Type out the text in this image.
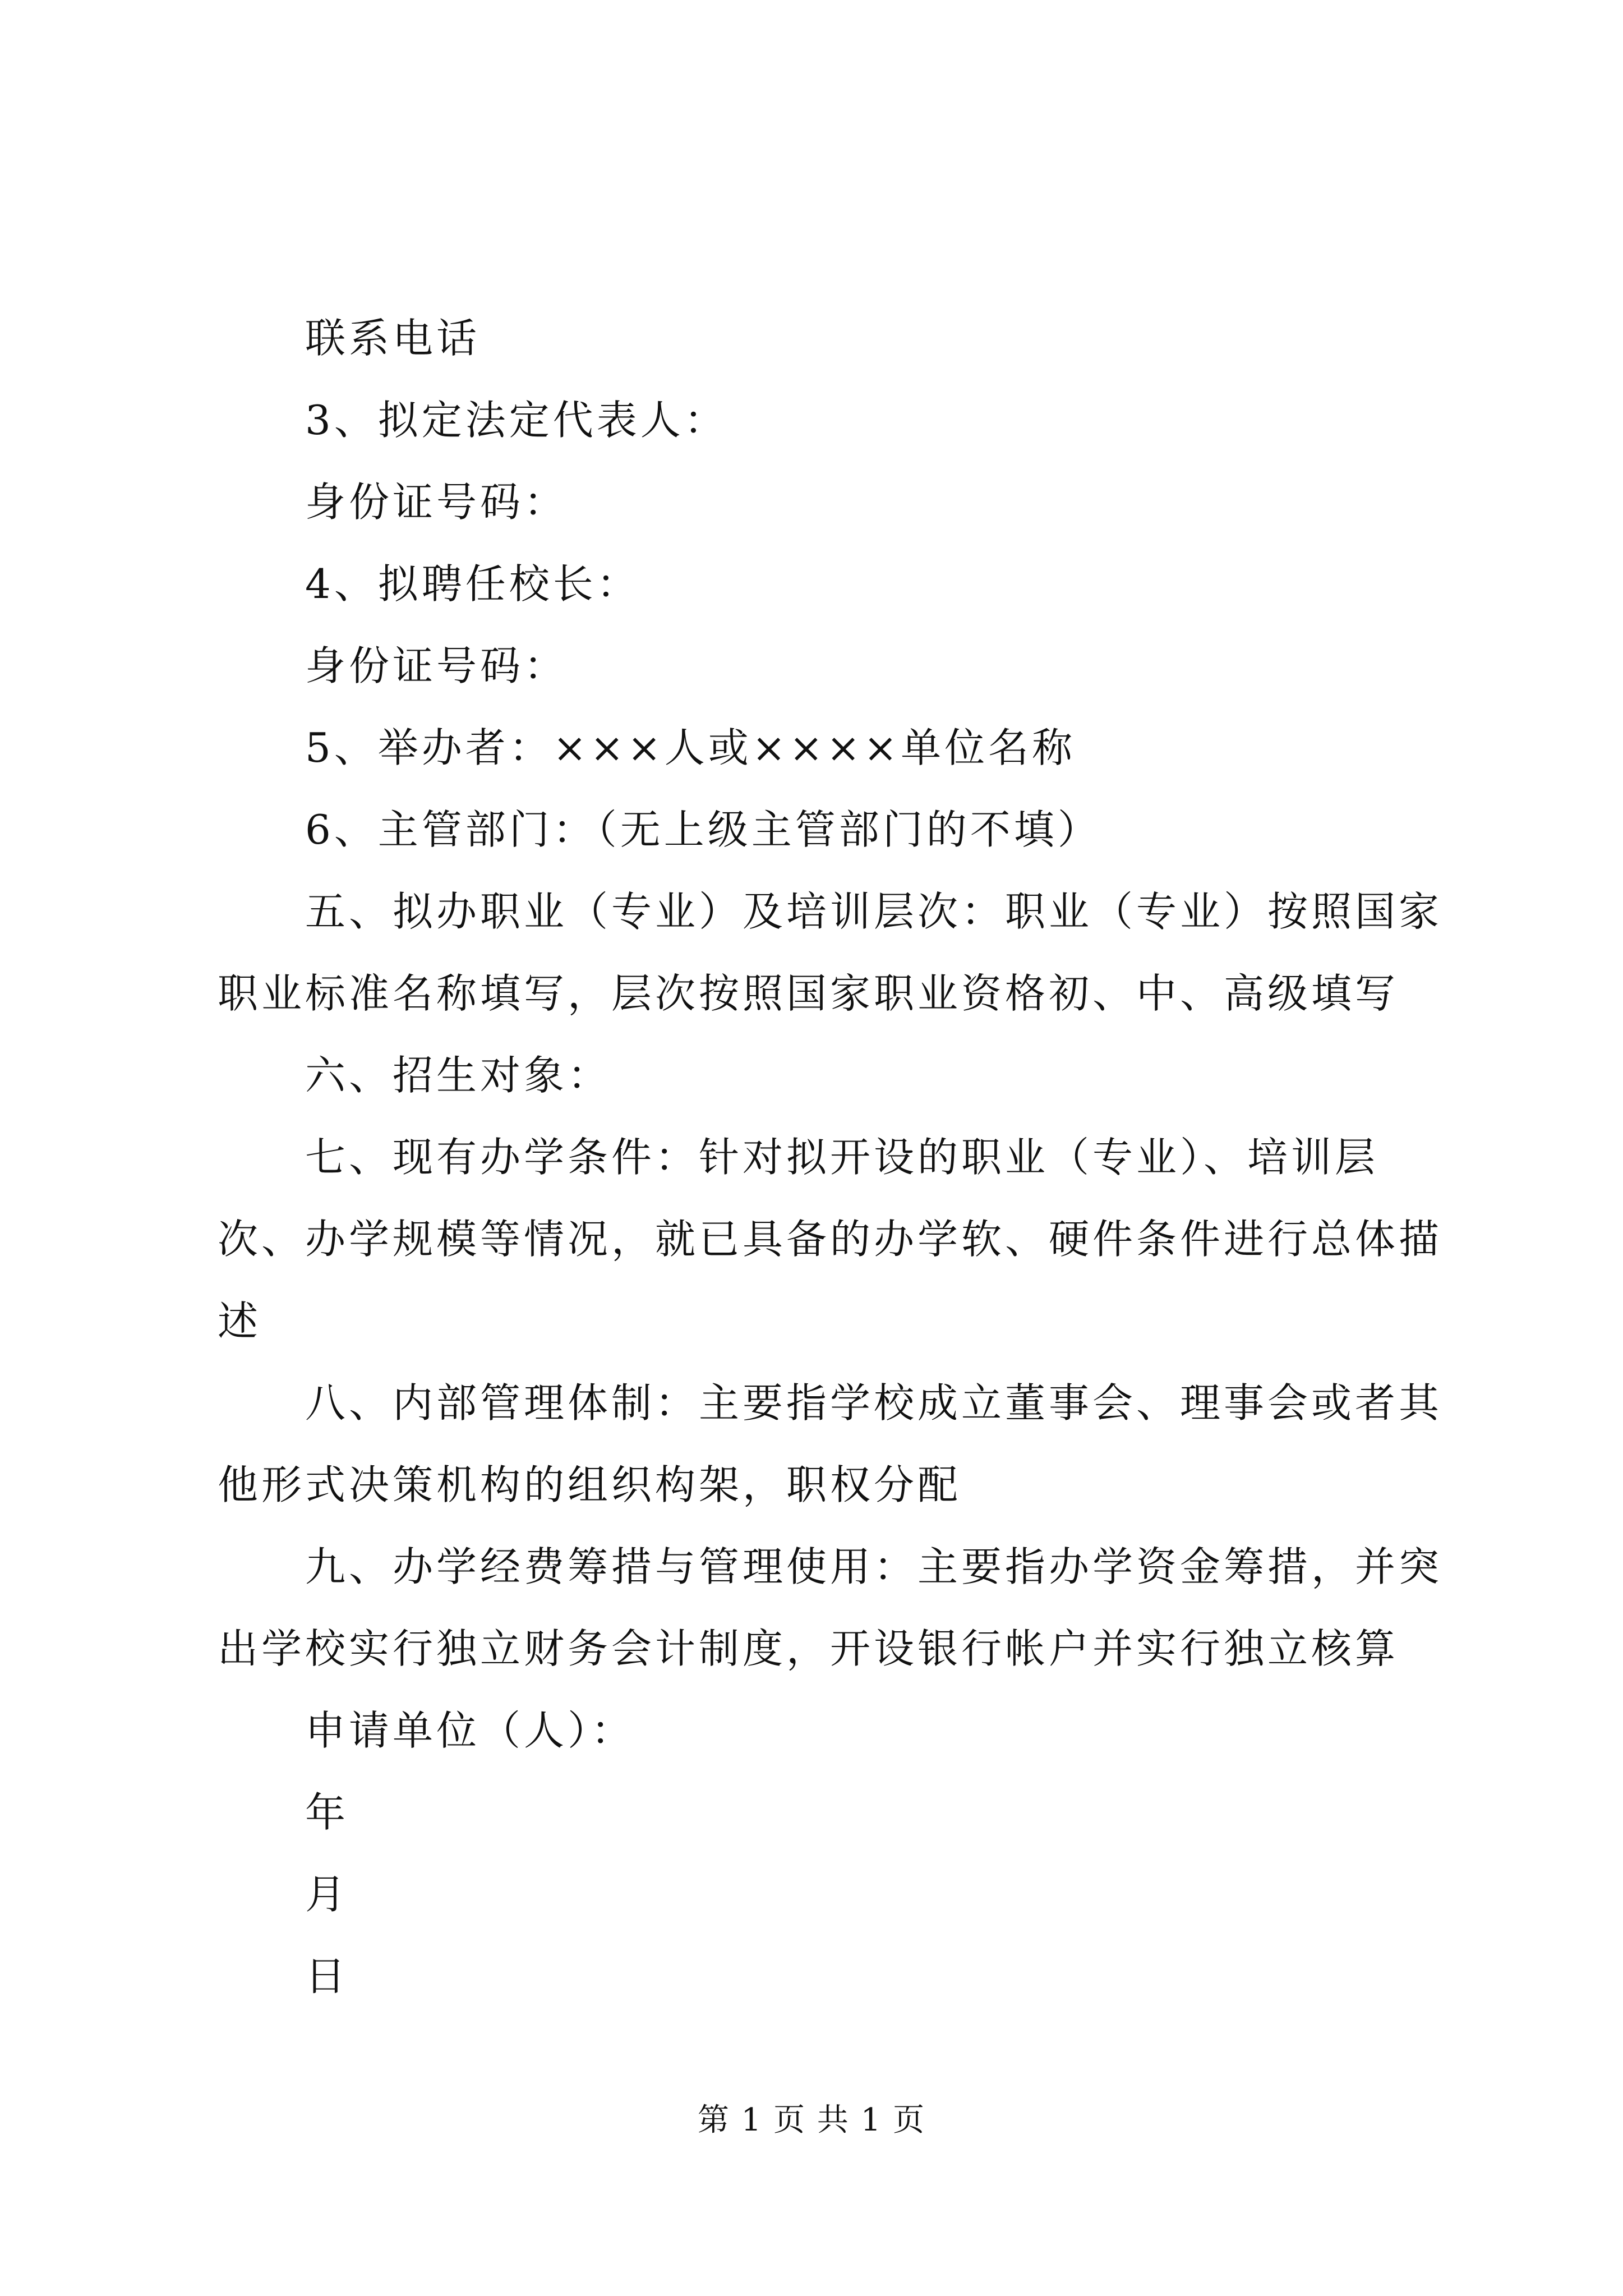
联系电话

3、拟定法定代表人：

身份证号码：

4、拟聘任校长：

身份证号码：

5、举办者：×××人或××××单位名称

6、主管部门：（无上级主管部门的不填）

五、拟办职业（专业）及培训层次：职业（专业）按照国家职业标准名称填写，层次按照国家职业资格初、中、高级填写

六、招生对象：

七、现有办学条件：针对拟开设的职业（专业）、培训层次、办学规模等情况，就已具备的办学软、硬件条件进行总体描述

八、内部管理体制：主要指学校成立董事会、理事会或者其他形式决策机构的组织构架，职权分配

九、办学经费筹措与管理使用：主要指办学资金筹措，并突出学校实行独立财务会计制度，开设银行帐户并实行独立核算

申请单位（人）：

年

月

日

第 1 页 共 1 页
